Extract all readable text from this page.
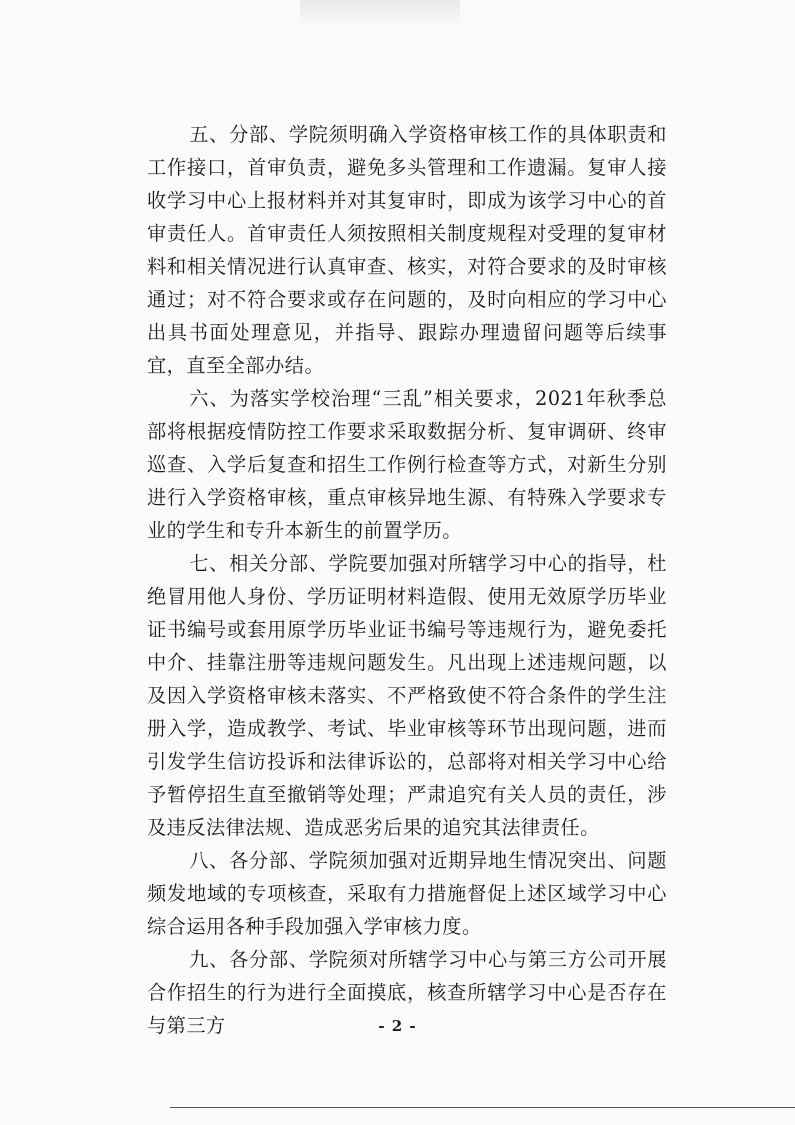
五、分部、学院须明确入学资格审核工作的具体职责和工作接口，首审负责，避免多头管理和工作遗漏。复审人接收学习中心上报材料并对其复审时，即成为该学习中心的首审责任人。首审责任人须按照相关制度规程对受理的复审材料和相关情况进行认真审查、核实，对符合要求的及时审核通过；对不符合要求或存在问题的，及时向相应的学习中心出具书面处理意见，并指导、跟踪办理遗留问题等后续事宜，直至全部办结。

六、为落实学校治理“三乱”相关要求，2021年秋季总部将根据疫情防控工作要求采取数据分析、复审调研、终审巡查、入学后复查和招生工作例行检查等方式，对新生分别进行入学资格审核，重点审核异地生源、有特殊入学要求专业的学生和专升本新生的前置学历。

七、相关分部、学院要加强对所辖学习中心的指导，杜绝冒用他人身份、学历证明材料造假、使用无效原学历毕业证书编号或套用原学历毕业证书编号等违规行为，避免委托中介、挂靠注册等违规问题发生。凡出现上述违规问题，以及因入学资格审核未落实、不严格致使不符合条件的学生注册入学，造成教学、考试、毕业审核等环节出现问题，进而引发学生信访投诉和法律诉讼的，总部将对相关学习中心给予暂停招生直至撤销等处理；严肃追究有关人员的责任，涉及违反法律法规、造成恶劣后果的追究其法律责任。

八、各分部、学院须加强对近期异地生情况突出、问题频发地域的专项核查，采取有力措施督促上述区域学习中心综合运用各种手段加强入学审核力度。

九、各分部、学院须对所辖学习中心与第三方公司开展合作招生的行为进行全面摸底，核查所辖学习中心是否存在与第三方	- 2 -
